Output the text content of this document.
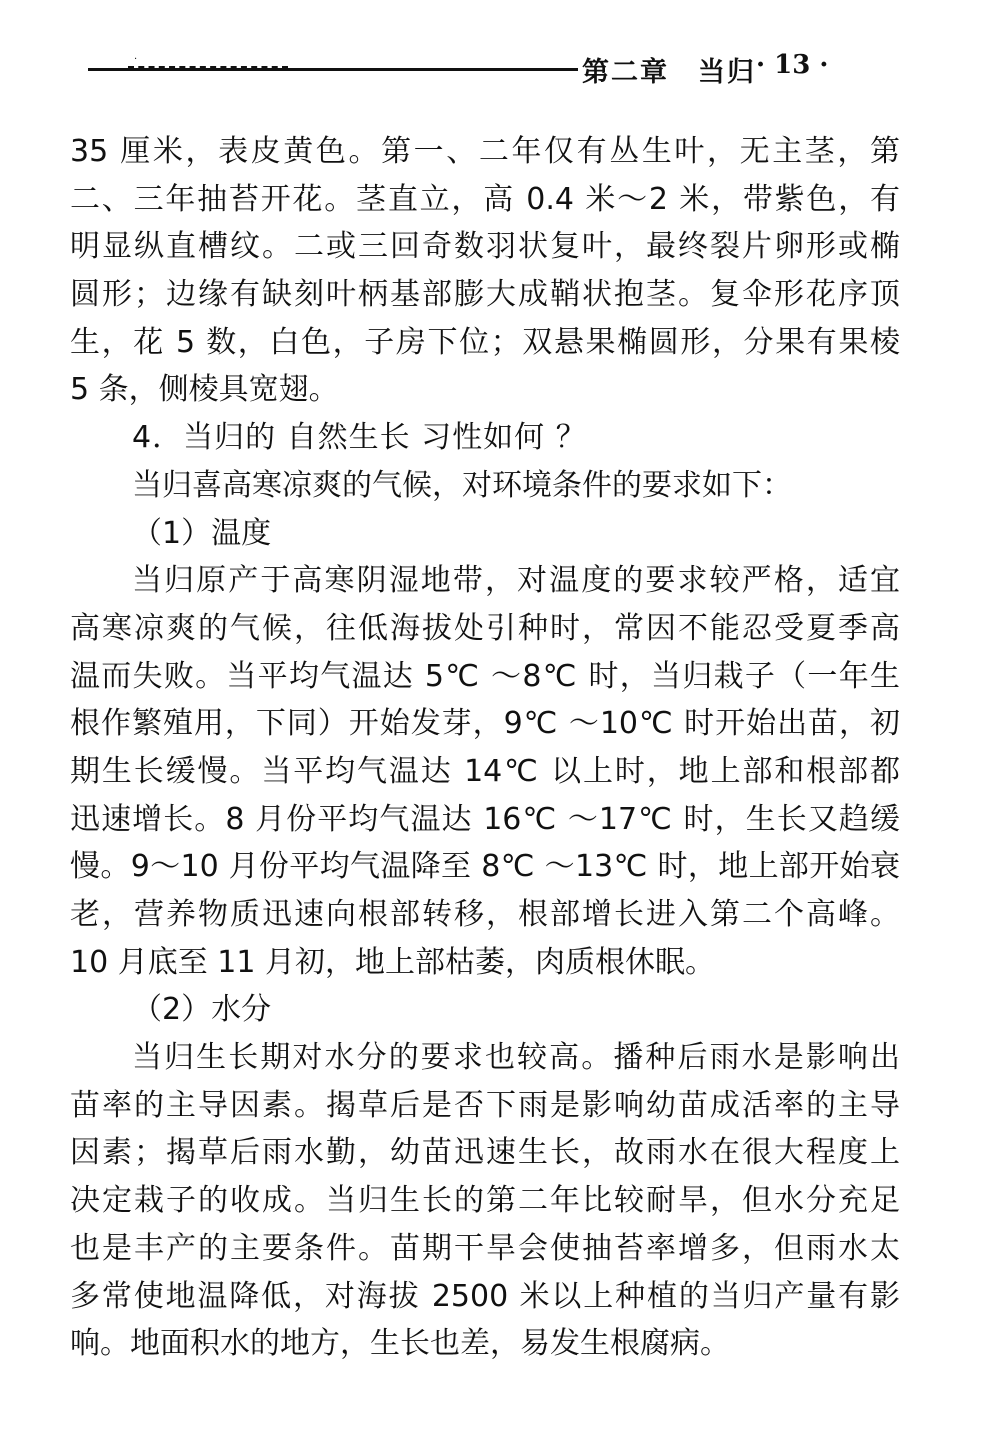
·	第二章　当归 · 13 ·
35 厘米，表皮黄色。第一、二年仅有丛生叶，无主茎，第
二、三年抽苔开花。茎直立，高 0.4 米～2 米，带紫色，有
明显纵直槽纹。二或三回奇数羽状复叶，最终裂片卵形或椭
圆形；边缘有缺刻叶柄基部膨大成鞘状抱茎。复伞形花序顶
生，花 5 数，白色，子房下位；双悬果椭圆形，分果有果棱
5 条，侧棱具宽翅。
4．当归的 自然生长 习性如何 ？
当归喜高寒凉爽的气候，对环境条件的要求如下：
（1）温度
当归原产于高寒阴湿地带，对温度的要求较严格，适宜
高寒凉爽的气候，往低海拔处引种时，常因不能忍受夏季高
温而失败。当平均气温达 5℃ ～8℃ 时，当归栽子（一年生
根作繁殖用，下同）开始发芽，9℃ ～10℃ 时开始出苗，初
期生长缓慢。当平均气温达 14℃ 以上时，地上部和根部都
迅速增长。8 月份平均气温达 16℃ ～17℃ 时，生长又趋缓
慢。9～10 月份平均气温降至 8℃ ～13℃ 时，地上部开始衰
老，营养物质迅速向根部转移，根部增长进入第二个高峰。
10 月底至 11 月初，地上部枯萎，肉质根休眠。
（2）水分
当归生长期对水分的要求也较高。播种后雨水是影响出
苗率的主导因素。揭草后是否下雨是影响幼苗成活率的主导
因素；揭草后雨水勤，幼苗迅速生长，故雨水在很大程度上
决定栽子的收成。当归生长的第二年比较耐旱，但水分充足
也是丰产的主要条件。苗期干旱会使抽苔率增多，但雨水太
多常使地温降低，对海拔 2500 米以上种植的当归产量有影
响。地面积水的地方，生长也差，易发生根腐病。
